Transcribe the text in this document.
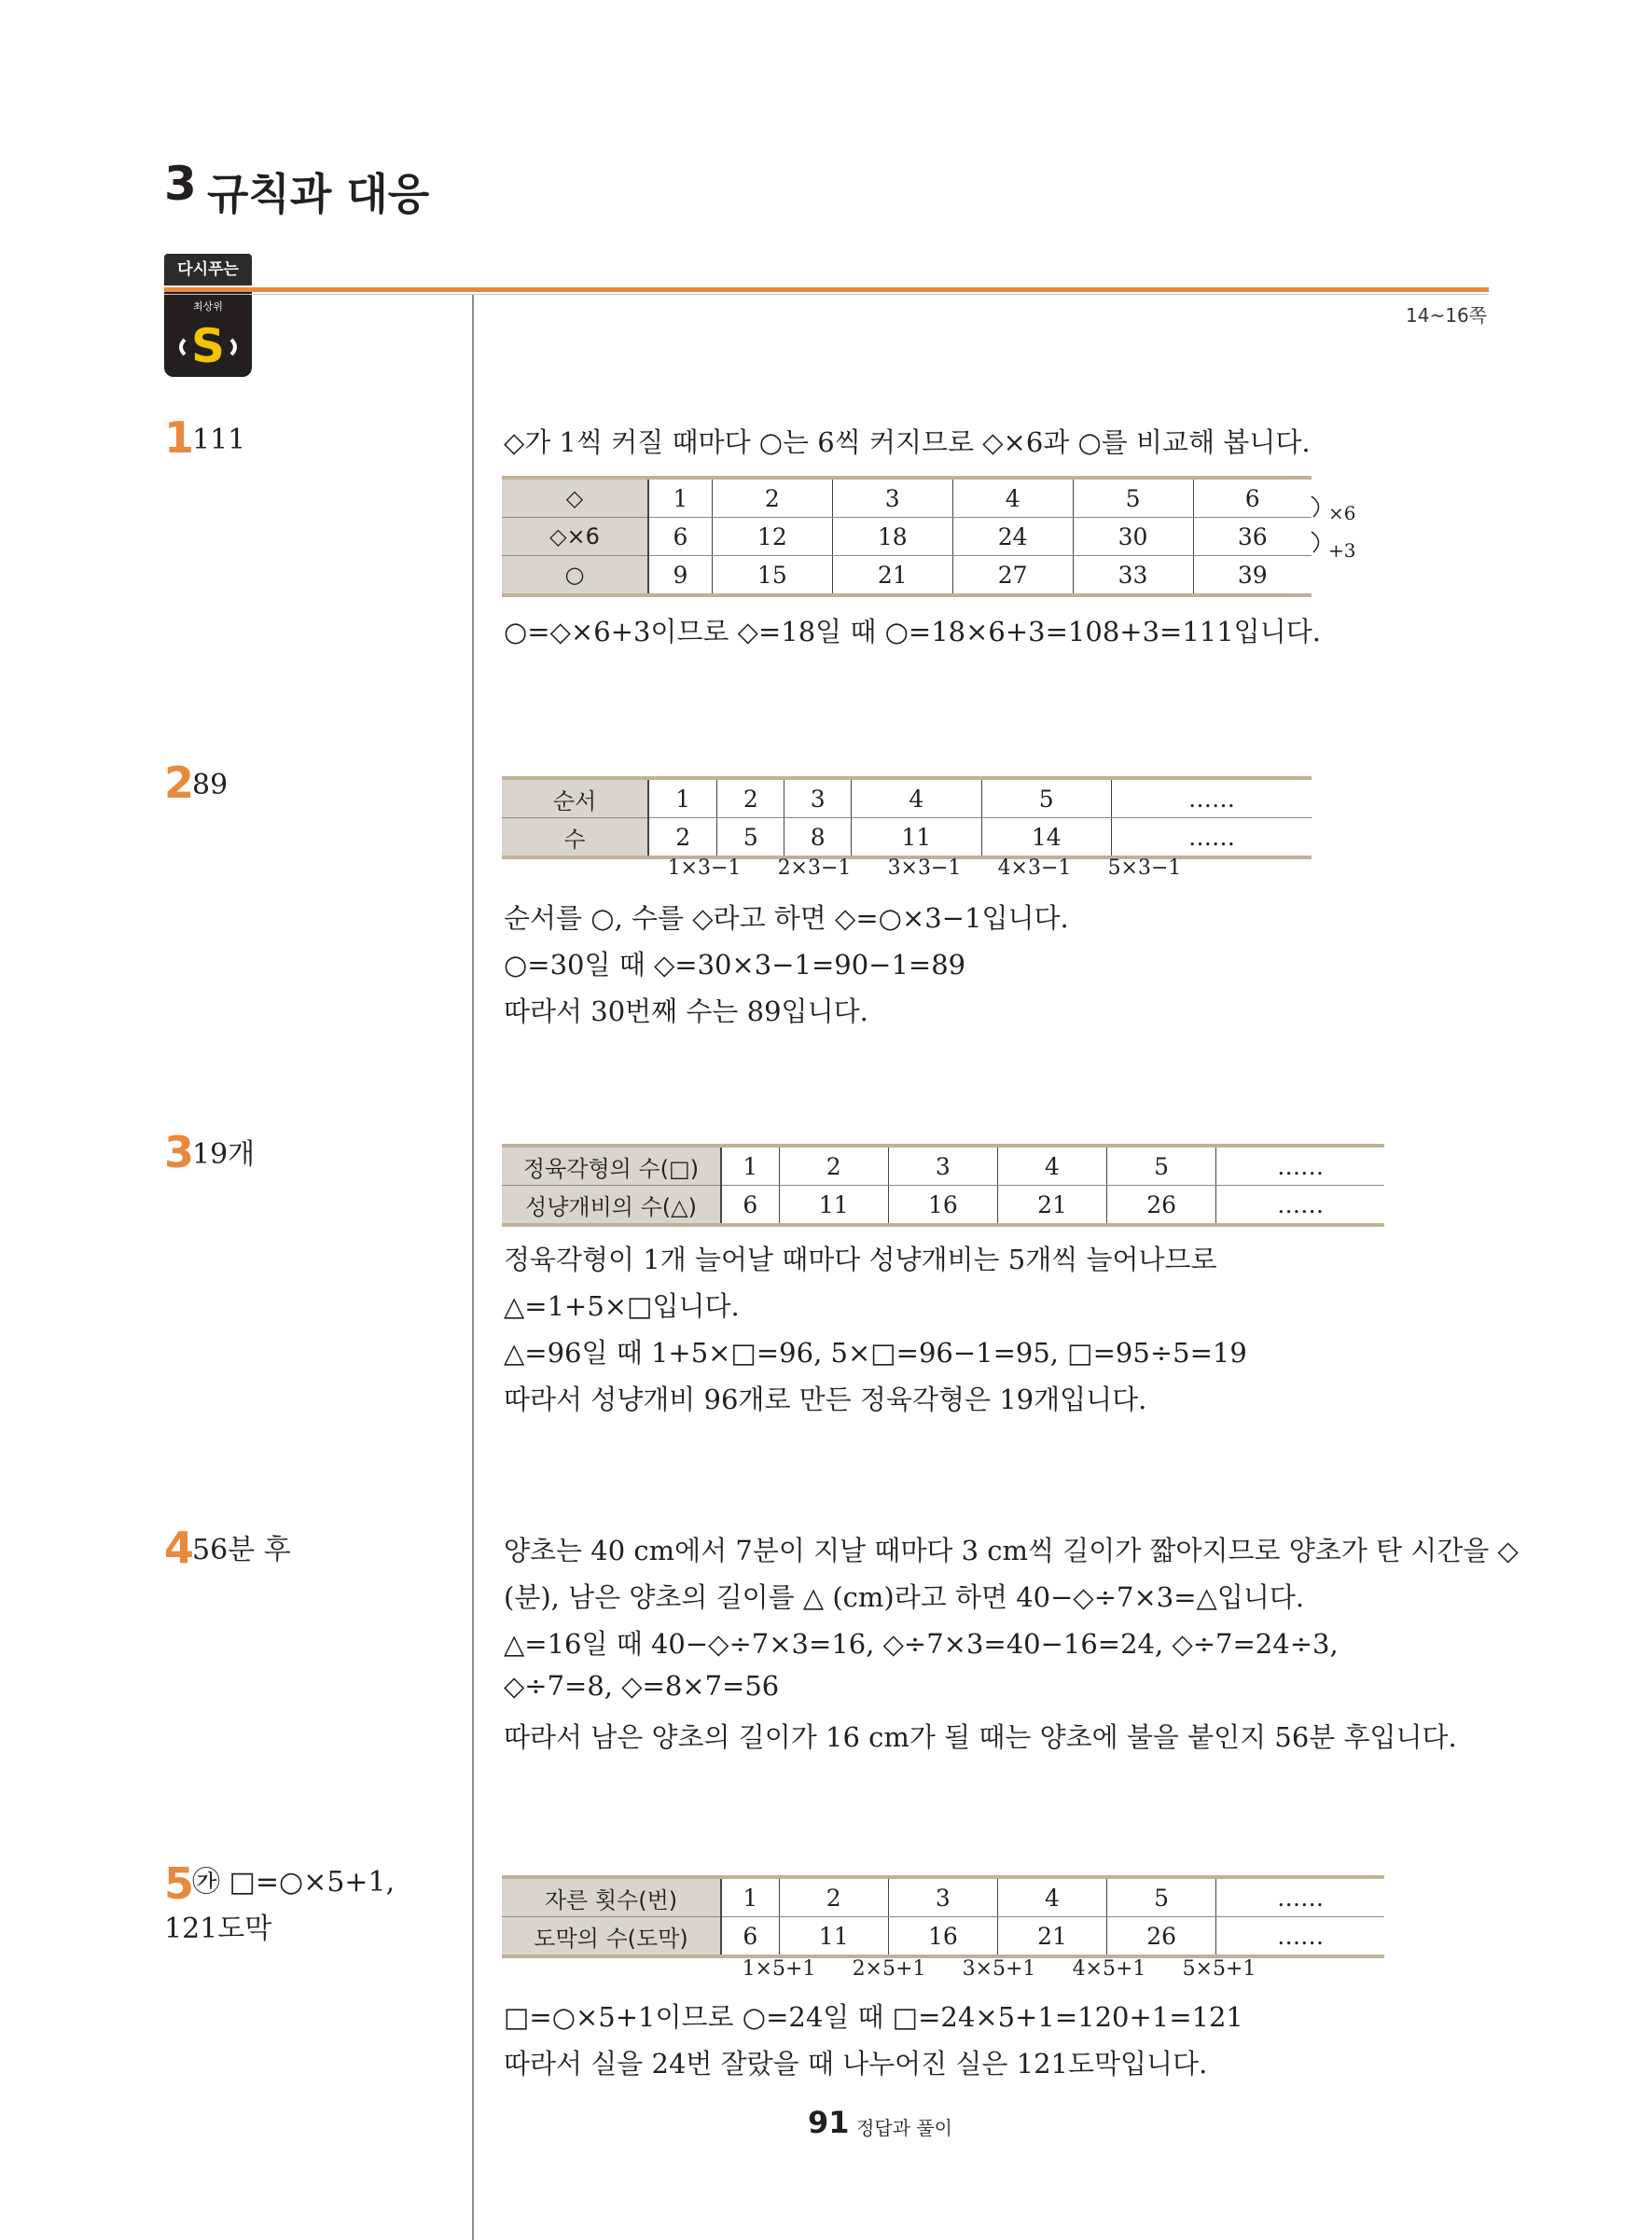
3 규칙과 대응
다시푸는
최상위
S
14~16쪽
1
111	◇가 1씩 커질 때마다 ○는 6씩 커지므로 ◇×6과 ○를 비교해 봅니다.
◇	1	2	3	4	5	6
◇×6	6	12	18	24	30	36
○	9	15	21	27	33	39
×6
+3
○=◇×6+3이므로 ◇=18일 때 ○=18×6+3=108+3=111입니다.
2
89	순서	1	2	3	4	5	……
수	2	5	8	11	14	……
1×3−1	2×3−1	3×3−1	4×3−1	5×3−1
순서를 ○, 수를 ◇라고 하면 ◇=○×3−1입니다.
○=30일 때 ◇=30×3−1=90−1=89
따라서 30번째 수는 89입니다.
3
19개	정육각형의 수(□)	1	2	3	4	5	……
성냥개비의 수(△)	6	11	16	21	26	……
정육각형이 1개 늘어날 때마다 성냥개비는 5개씩 늘어나므로
△=1+5×□입니다.
△=96일 때 1+5×□=96, 5×□=96−1=95, □=95÷5=19
따라서 성냥개비 96개로 만든 정육각형은 19개입니다.
4
56분 후	양초는 40 cm에서 7분이 지날 때마다 3 cm씩 길이가 짧아지므로 양초가 탄 시간을 ◇
(분), 남은 양초의 길이를 △ (cm)라고 하면 40−◇÷7×3=△입니다.
△=16일 때 40−◇÷7×3=16, ◇÷7×3=40−16=24, ◇÷7=24÷3,
◇÷7=8, ◇=8×7=56
따라서 남은 양초의 길이가 16 cm가 될 때는 양초에 불을 붙인지 56분 후입니다.
5
㉮ □=○×5+1,
121도막
자른 횟수(번)	1	2	3	4	5	……
도막의 수(도막)	6	11	16	21	26	……
1×5+1	2×5+1	3×5+1	4×5+1	5×5+1
□=○×5+1이므로 ○=24일 때 □=24×5+1=120+1=121
따라서 실을 24번 잘랐을 때 나누어진 실은 121도막입니다.
91 정답과 풀이
